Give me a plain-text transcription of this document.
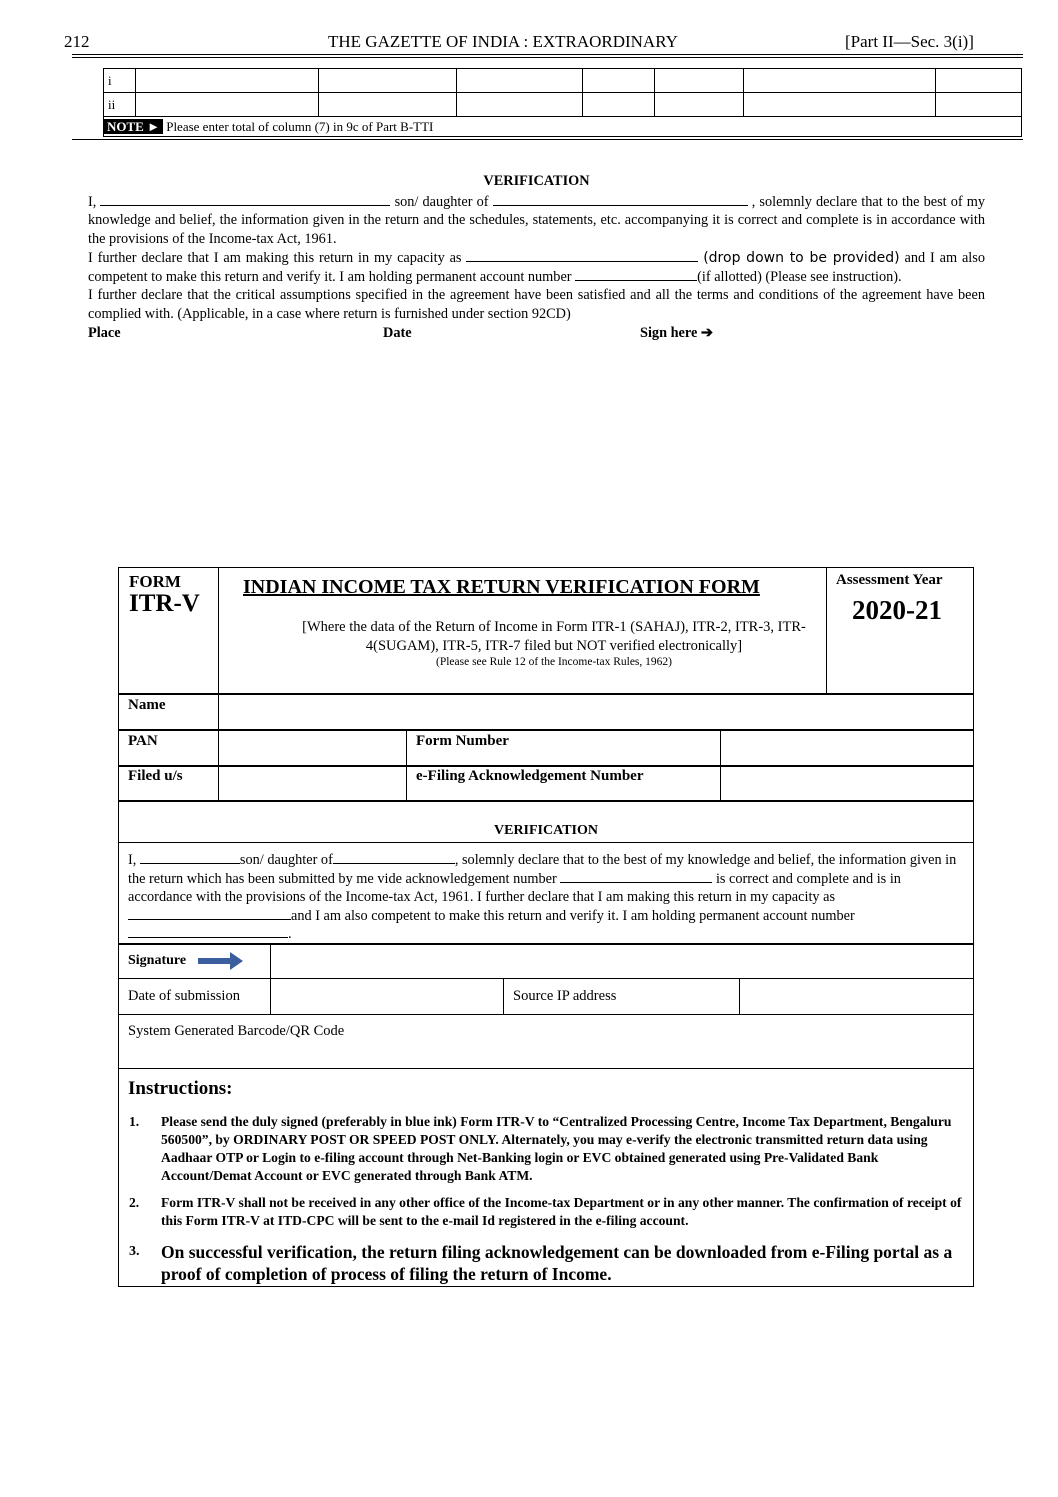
212	THE GAZETTE OF INDIA : EXTRAORDINARY	[Part II—Sec. 3(i)]
i							
ii							
NOTE ► Please enter total of column (7) in 9c of Part B-TTI							
VERIFICATION
I,	son/ daughter of	, solemnly declare that to the best of my knowledge and belief, the information given in the return and the schedules, statements, etc. accompanying it is correct and complete is in accordance with the provisions of the Income-tax Act, 1961.
I further declare that I am making this return in my capacity as	(drop down to be provided) and I am also competent to make this return and verify it. I am holding permanent account number	(if allotted) (Please see instruction).
I further declare that the critical assumptions specified in the agreement have been satisfied and all the terms and conditions of the agreement have been complied with. (Applicable, in a case where return is furnished under section 92CD)
Place	Date	Sign here ➔
FORM
ITR-V
INDIAN INCOME TAX RETURN VERIFICATION FORM
[Where the data of the Return of Income in Form ITR-1 (SAHAJ), ITR-2, ITR-3, ITR-4(SUGAM), ITR-5, ITR-7 filed but NOT verified electronically]
(Please see Rule 12 of the Income-tax Rules, 1962)
Assessment Year
2020-21
Name
PAN	Form Number
Filed u/s	e-Filing Acknowledgement Number
VERIFICATION
I,	son/ daughter of	, solemnly declare that to the best of my knowledge and belief, the information given in the return which has been submitted by me vide acknowledgement number	is correct and complete and is in accordance with the provisions of the Income-tax Act, 1961. I further declare that I am making this return in my capacity as and I am also competent to make this return and verify it. I am holding permanent account number.
Signature
Date of submission	Source IP address
System Generated Barcode/QR Code
Instructions:
1. Please send the duly signed (preferably in blue ink) Form ITR-V to “Centralized Processing Centre, Income Tax Department, Bengaluru 560500”, by ORDINARY POST OR SPEED POST ONLY. Alternately, you may e-verify the electronic transmitted return data using Aadhaar OTP or Login to e-filing account through Net-Banking login or EVC obtained generated using Pre-Validated Bank Account/Demat Account or EVC generated through Bank ATM.
2. Form ITR-V shall not be received in any other office of the Income-tax Department or in any other manner. The confirmation of receipt of this Form ITR-V at ITD-CPC will be sent to the e-mail Id registered in the e-filing account.
3. On successful verification, the return filing acknowledgement can be downloaded from e-Filing portal as a proof of completion of process of filing the return of Income.
